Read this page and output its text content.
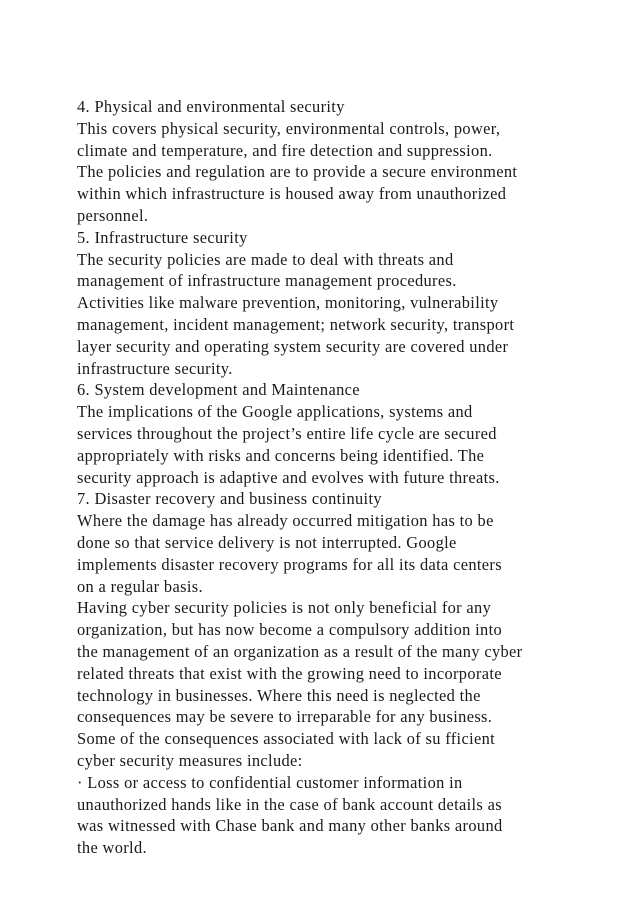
4. Physical and environmental security
This covers physical security, environmental controls, power,
climate and temperature, and fire detection and suppression.
The policies and regulation are to provide a secure environment
within which infrastructure is housed away from unauthorized
personnel.
5. Infrastructure security
The security policies are made to deal with threats and
management of infrastructure management procedures.
Activities like malware prevention, monitoring, vulnerability
management, incident management; network security, transport
layer security and operating system security are covered under
infrastructure security.
6. System development and Maintenance
The implications of the Google applications, systems and
services throughout the project’s entire life cycle are secured
appropriately with risks and concerns being identified. The
security approach is adaptive and evolves with future threats.
7. Disaster recovery and business continuity
Where the damage has already occurred mitigation has to be
done so that service delivery is not interrupted. Google
implements disaster recovery programs for all its data centers
on a regular basis.
Having cyber security policies is not only beneficial for any
organization, but has now become a compulsory addition into
the management of an organization as a result of the many cyber
related threats that exist with the growing need to incorporate
technology in businesses. Where this need is neglected the
consequences may be severe to irreparable for any business.
Some of the consequences associated with lack of su fficient
cyber security measures include:
· Loss or access to confidential customer information in
unauthorized hands like in the case of bank account details as
was witnessed with Chase bank and many other banks around
the world.
